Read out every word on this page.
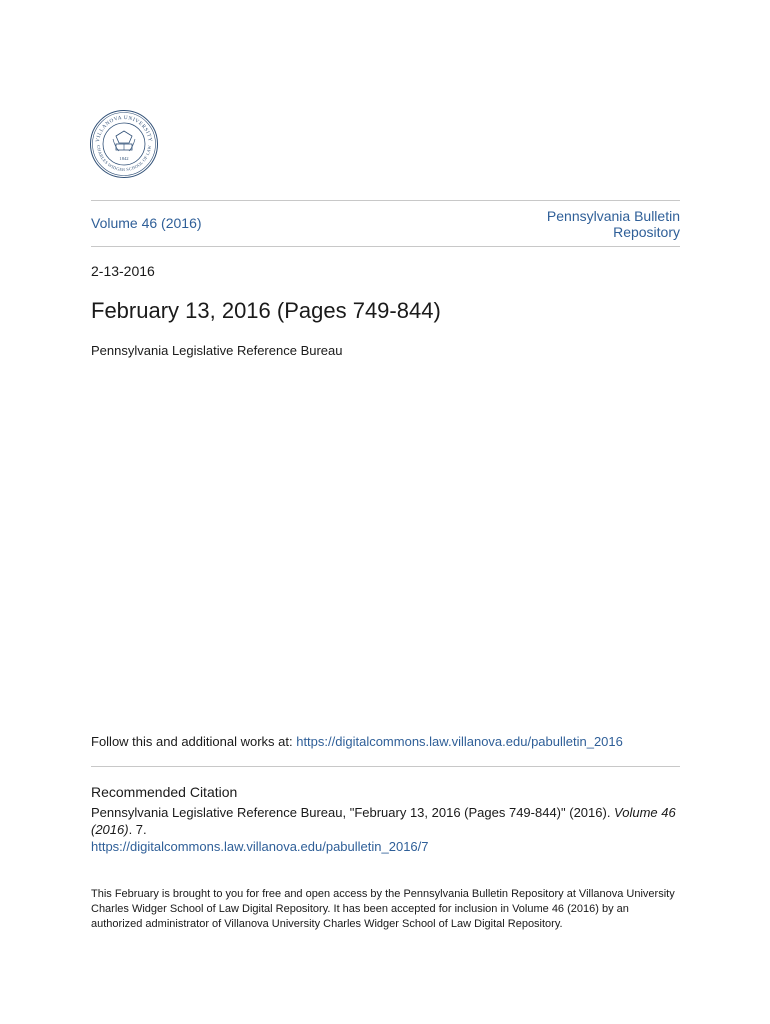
VILLANOVA UNIVERSITY
CHARLES WIDGER SCHOOL OF LAW
1842
Volume 46 (2016)	Pennsylvania Bulletin
Repository
2-13-2016
February 13, 2016 (Pages 749-844)
Pennsylvania Legislative Reference Bureau
Follow this and additional works at: https://digitalcommons.law.villanova.edu/pabulletin_2016
Recommended Citation
Pennsylvania Legislative Reference Bureau, "February 13, 2016 (Pages 749-844)" (2016). Volume 46 (2016). 7.
https://digitalcommons.law.villanova.edu/pabulletin_2016/7
This February is brought to you for free and open access by the Pennsylvania Bulletin Repository at Villanova University Charles Widger School of Law Digital Repository. It has been accepted for inclusion in Volume 46 (2016) by an authorized administrator of Villanova University Charles Widger School of Law Digital Repository.
